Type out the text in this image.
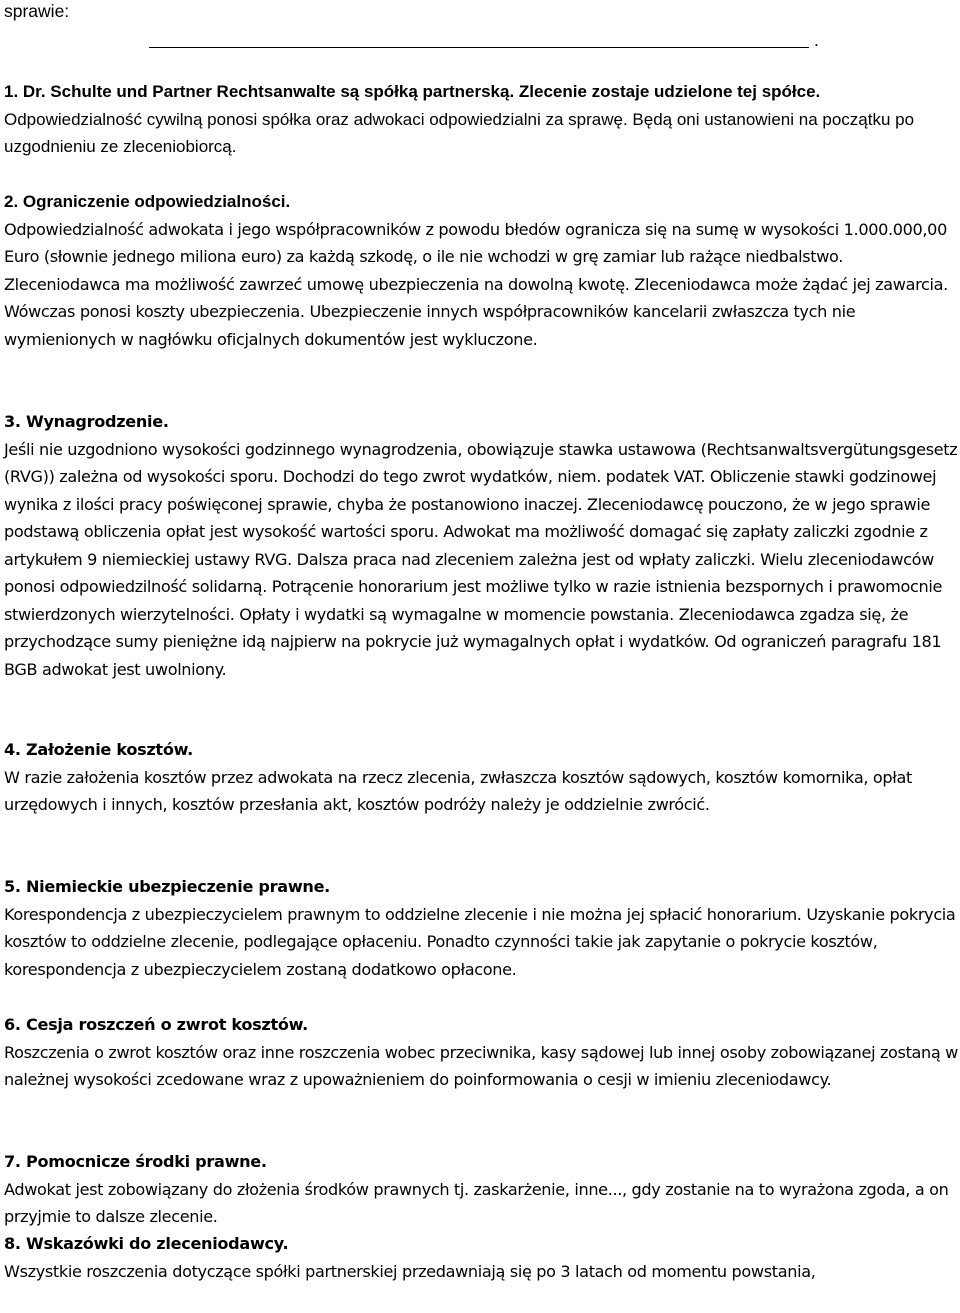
sprawie:
.
1. Dr. Schulte und Partner Rechtsanwalte są spółką partnerską. Zlecenie zostaje udzielone tej spółce.
Odpowiedzialność cywilną ponosi spółka oraz adwokaci odpowiedzialni za sprawę. Będą oni ustanowieni na początku po uzgodnieniu ze zleceniobiorcą.
2. Ograniczenie odpowiedzialności.
Odpowiedzialność adwokata i jego współpracowników z powodu błedów ogranicza się na sumę w wysokości 1.000.000,00 Euro (słownie jednego miliona euro) za każdą szkodę, o ile nie wchodzi w grę zamiar lub rażące niedbalstwo. Zleceniodawca ma możliwość zawrzeć umowę ubezpieczenia na dowolną kwotę. Zleceniodawca może żądać jej zawarcia. Wówczas ponosi koszty ubezpieczenia. Ubezpieczenie innych współpracowników kancelarii zwłaszcza tych nie wymienionych w nagłówku oficjalnych dokumentów jest wykluczone.
3. Wynagrodzenie.
Jeśli nie uzgodniono wysokości godzinnego wynagrodzenia, obowiązuje stawka ustawowa (Rechtsanwaltsvergütungsgesetz (RVG)) zależna od wysokości sporu. Dochodzi do tego zwrot wydatków, niem. podatek VAT. Obliczenie stawki godzinowej wynika z ilości pracy poświęconej sprawie, chyba że postanowiono inaczej. Zleceniodawcę pouczono, że w jego sprawie podstawą obliczenia opłat jest wysokość wartości sporu. Adwokat ma możliwość domagać się zapłaty zaliczki zgodnie z artykułem 9 niemieckiej ustawy RVG. Dalsza praca nad zleceniem zależna jest od wpłaty zaliczki. Wielu zleceniodawców ponosi odpowiedzilność solidarną. Potrącenie honorarium jest możliwe tylko w razie istnienia bezspornych i prawomocnie stwierdzonych wierzytelności. Opłaty i wydatki są wymagalne w momencie powstania. Zleceniodawca zgadza się, że przychodzące sumy pieniężne idą najpierw na pokrycie już wymagalnych opłat i wydatków. Od ograniczeń paragrafu 181 BGB adwokat jest uwolniony.
4. Założenie kosztów.
W razie założenia kosztów przez adwokata na rzecz zlecenia, zwłaszcza kosztów sądowych, kosztów komornika, opłat urzędowych i innych, kosztów przesłania akt, kosztów podróży należy je oddzielnie zwrócić.
5. Niemieckie ubezpieczenie prawne.
Korespondencja z ubezpieczycielem prawnym to oddzielne zlecenie i nie można jej spłacić honorarium. Uzyskanie pokrycia kosztów to oddzielne zlecenie, podlegające opłaceniu. Ponadto czynności takie jak zapytanie o pokrycie kosztów, korespondencja z ubezpieczycielem zostaną dodatkowo opłacone.
6. Cesja roszczeń o zwrot kosztów.
Roszczenia o zwrot kosztów oraz inne roszczenia wobec przeciwnika, kasy sądowej lub innej osoby zobowiązanej zostaną w należnej wysokości zcedowane wraz z upoważnieniem do poinformowania o cesji w imieniu zleceniodawcy.
7. Pomocnicze środki prawne.
Adwokat jest zobowiązany do złożenia środków prawnych tj. zaskarżenie, inne..., gdy zostanie na to wyrażona zgoda, a on przyjmie to dalsze zlecenie.
8. Wskazówki do zleceniodawcy.
Wszystkie roszczenia dotyczące spółki partnerskiej przedawniają się po 3 latach od momentu powstania,
